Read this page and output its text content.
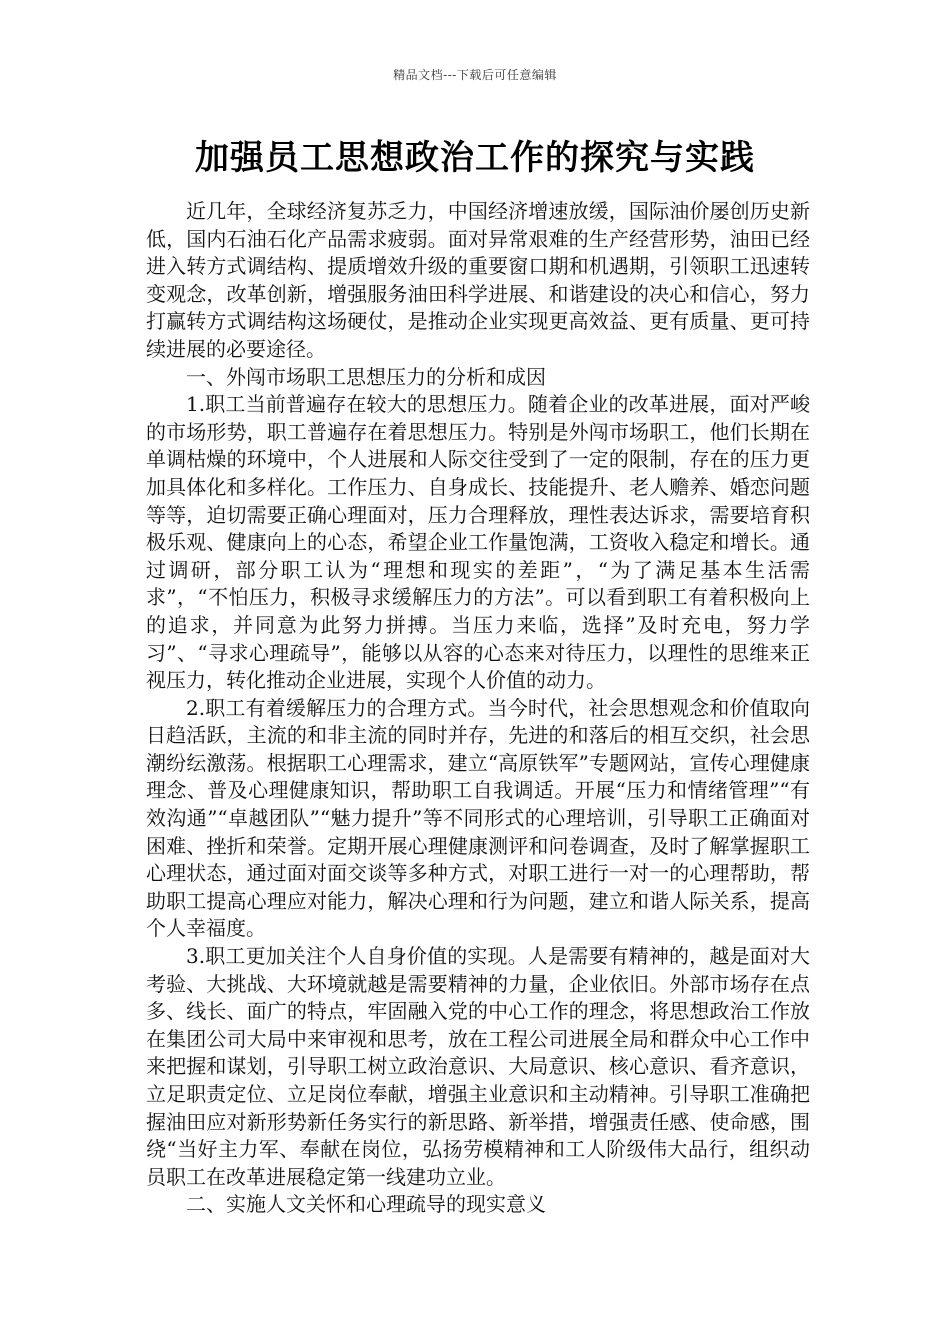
精品文档---下载后可任意编辑
加强员工思想政治工作的探究与实践

近几年，全球经济复苏乏力，中国经济增速放缓，国际油价屡创历史新低，国内石油石化产品需求疲弱。面对异常艰难的生产经营形势，油田已经进入转方式调结构、提质增效升级的重要窗口期和机遇期，引领职工迅速转变观念，改革创新，增强服务油田科学进展、和谐建设的决心和信心，努力打赢转方式调结构这场硬仗，是推动企业实现更高效益、更有质量、更可持续进展的必要途径。

一、外闯市场职工思想压力的分析和成因

1.职工当前普遍存在较大的思想压力。随着企业的改革进展，面对严峻的市场形势，职工普遍存在着思想压力。特别是外闯市场职工，他们长期在单调枯燥的环境中，个人进展和人际交往受到了一定的限制，存在的压力更加具体化和多样化。工作压力、自身成长、技能提升、老人赡养、婚恋问题等等，迫切需要正确心理面对，压力合理释放，理性表达诉求，需要培育积极乐观、健康向上的心态，希望企业工作量饱满，工资收入稳定和增长。通过调研，部分职工认为“理想和现实的差距”，“为了满足基本生活需求”，“不怕压力，积极寻求缓解压力的方法”。可以看到职工有着积极向上的追求，并同意为此努力拼搏。当压力来临，选择”及时充电，努力学习”、“寻求心理疏导”，能够以从容的心态来对待压力，以理性的思维来正视压力，转化推动企业进展，实现个人价值的动力。

2.职工有着缓解压力的合理方式。当今时代，社会思想观念和价值取向日趋活跃，主流的和非主流的同时并存，先进的和落后的相互交织，社会思潮纷纭激荡。根据职工心理需求，建立“高原铁军”专题网站，宣传心理健康理念、普及心理健康知识，帮助职工自我调适。开展“压力和情绪管理”“有效沟通”“卓越团队”“魅力提升”等不同形式的心理培训，引导职工正确面对困难、挫折和荣誉。定期开展心理健康测评和问卷调查，及时了解掌握职工心理状态，通过面对面交谈等多种方式，对职工进行一对一的心理帮助，帮助职工提高心理应对能力，解决心理和行为问题，建立和谐人际关系，提高个人幸福度。

3.职工更加关注个人自身价值的实现。人是需要有精神的，越是面对大考验、大挑战、大环境就越是需要精神的力量，企业依旧。外部市场存在点多、线长、面广的特点，牢固融入党的中心工作的理念，将思想政治工作放在集团公司大局中来审视和思考，放在工程公司进展全局和群众中心工作中来把握和谋划，引导职工树立政治意识、大局意识、核心意识、看齐意识，立足职责定位、立足岗位奉献，增强主业意识和主动精神。引导职工准确把握油田应对新形势新任务实行的新思路、新举措，增强责任感、使命感，围绕“当好主力军、奉献在岗位，弘扬劳模精神和工人阶级伟大品行，组织动员职工在改革进展稳定第一线建功立业。

二、实施人文关怀和心理疏导的现实意义
